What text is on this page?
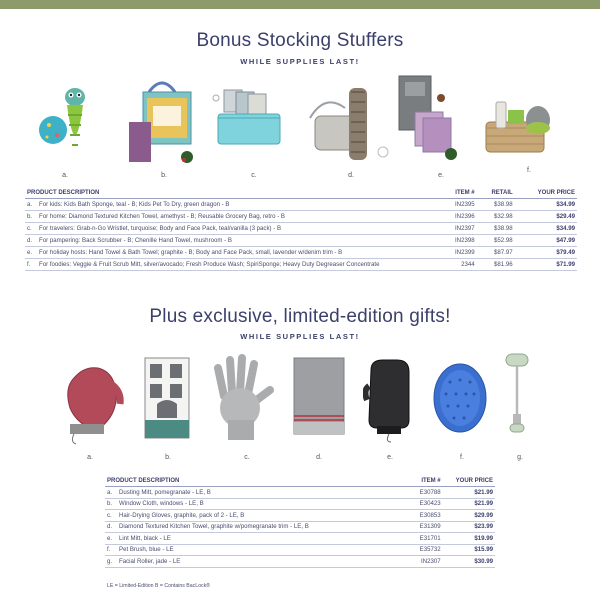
Bonus Stocking Stuffers
WHILE SUPPLIES LAST!
a.	b.	c.	d.	e.
f.
PRODUCT DESCRIPTION		ITEM #	RETAIL	YOUR PRICE
a.	For kids: Kids Bath Sponge, teal - B; Kids Pet To Dry, green dragon - B	IN2395	$38.98	$34.99
b.	For home: Diamond Textured Kitchen Towel, amethyst - B; Reusable Grocery Bag, retro - B	IN2396	$32.98	$29.49
c.	For travelers: Grab-n-Go Wristlet, turquoise; Body and Face Pack, teal/vanilla (3 pack) - B	IN2397	$38.98	$34.99
d.	For pampering: Back Scrubber - B; Chenille Hand Towel, mushroom - B	IN2398	$52.98	$47.99
e.	For holiday hosts: Hand Towel & Bath Towel; graphite - B; Body and Face Pack, small, lavender w/denim trim - B	IN2399	$87.97	$79.49
f.	For foodies: Veggie & Fruit Scrub Mitt, silver/avocado; Fresh Produce Wash; SpiriSponge; Heavy Duty Degreaser Concentrate	2344	$81.96	$71.99
Plus exclusive, limited-edition gifts!
WHILE SUPPLIES LAST!
a.	b.	c.	d.	e.	f.	g.
PRODUCT DESCRIPTION		ITEM #	YOUR PRICE
a.	Dusting Mitt, pomegranate - LE, B	E30788	$21.99
b.	Window Cloth, windows - LE, B	E30423	$21.99
c.	Hair-Drying Gloves, graphite, pack of 2 - LE, B	E30853	$29.99
d.	Diamond Textured Kitchen Towel, graphite w/pomegranate trim - LE, B	E31309	$23.99
e.	Lint Mitt, black - LE	E31701	$19.99
f.	Pet Brush, blue - LE	E35732	$15.99
g.	Facial Roller, jade - LE	IN2307	$30.99
LE = Limited-Edition B = Contains BacLock®
